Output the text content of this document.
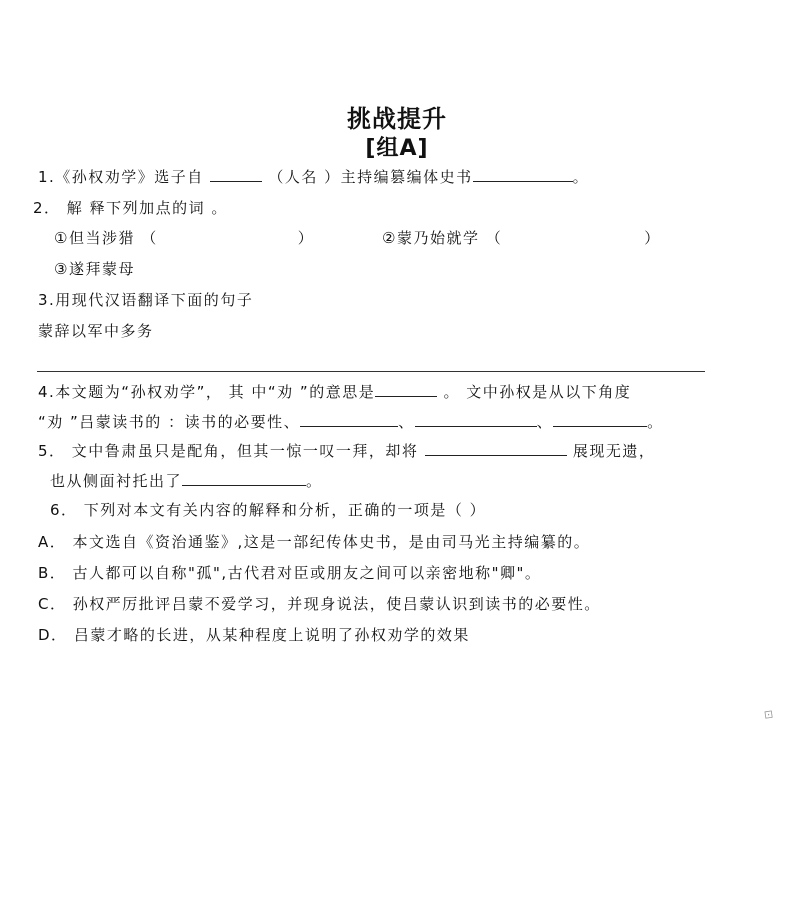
挑战提升
[组A]
1.《孙权劝学》选子自	（人名 ）主持编篡编体史书	。
2． 解 释下列加点的词 。
①但当涉猎 （	）	②蒙乃始就学 （	）
③遂拜蒙母
3.用现代汉语翻译下面的句子
蒙辞以军中多务
4.本文题为“孙权劝学”， 其 中“劝 ”的意思是	。 文中孙权是从以下角度
“劝 ”吕蒙读书的 ：读书的必要性、	、	、	。
5． 文中鲁肃虽只是配角，但其一惊一叹一拜，却将	展现无遗，
也从侧面衬托出了	。
6． 下列对本文有关内容的解释和分析，正确的一项是（ ）
A． 本文选自《资治通鉴》,这是一部纪传体史书，是由司马光主持编纂的。
B． 古人都可以自称"孤",古代君对臣或朋友之间可以亲密地称"卿"。
C． 孙权严厉批评吕蒙不爱学习，并现身说法，使吕蒙认识到读书的必要性。
D． 吕蒙才略的长进，从某种程度上说明了孙权劝学的效果
⊡
